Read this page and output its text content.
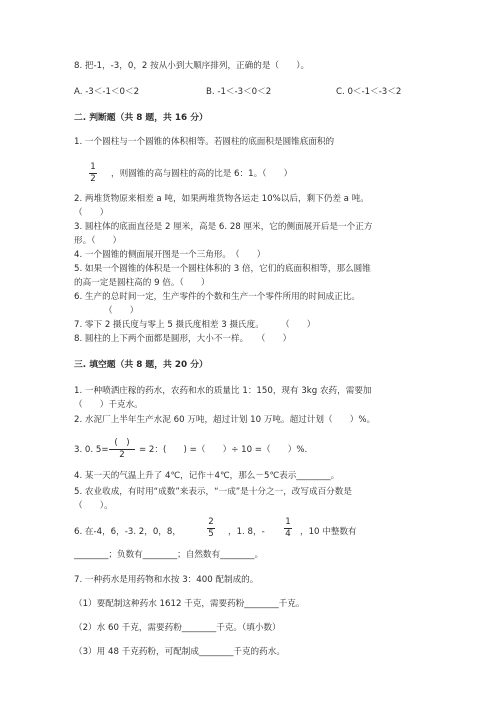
8. 把-1，-3，0，2 按从小到大顺序排列，正确的是（　　）。
A. -3＜-1＜0＜2	B. -1＜-3＜0＜2	C. 0＜-1＜-3＜2
二. 判断题（共 8 题，共 16 分）
1. 一个圆柱与一个圆锥的体积相等。若圆柱的底面积是圆锥底面积的
1
2	，则圆锥的高与圆柱的高的比是 6：1。（　　）
2. 两堆货物原来相差 a 吨，如果两堆货物各运走 10%以后，剩下仍差 a 吨。
（　　）
3. 圆柱体的底面直径是 2 厘米，高是 6. 28 厘米，它的侧面展开后是一个正方
形。（　　）
4. 一个圆锥的侧面展开图是一个三角形。　（　　）
5. 如果一个圆锥的体积是一个圆柱体积的 3 倍，它们的底面积相等，那么圆锥
的高一定是圆柱高的 9 倍。（　　）
6. 生产的总时间一定，生产零件的个数和生产一个零件所用的时间成正比。
（　　）
7. 零下 2 摄氏度与零上 5 摄氏度相差 3 摄氏度。　　　（　　）
8. 圆柱的上下两个面都是圆形，大小不一样。　　（　　）
三. 填空题（共 8 题，共 20 分）
1. 一种喷洒庄稼的药水，农药和水的质量比 1：150，现有 3kg 农药，需要加
（　　）千克水。
2. 水泥厂上半年生产水泥 60 万吨，超过计划 10 万吨。超过计划（　　）%。
3. 0. 5=
(　)
2	= 2：(　　) =（　　）÷ 10 =（　　）%.
4. 某一天的气温上升了 4℃，记作＋4℃，那么－5℃表示________。
5. 农业收成，有时用“成数”来表示，“一成”是十分之一，改写成百分数是
（　　）。
6. 在-4，6，-3. 2，0，8，
2
5	，1. 8，-
1
4	，10 中整数有
________；负数有________；自然数有________。
7. 一种药水是用药物和水按 3：400 配制成的。
（1）要配制这种药水 1612 千克，需要药粉________千克。
（2）水 60 千克，需要药粉________千克。（填小数）
（3）用 48 千克药粉，可配制成________千克的药水。
